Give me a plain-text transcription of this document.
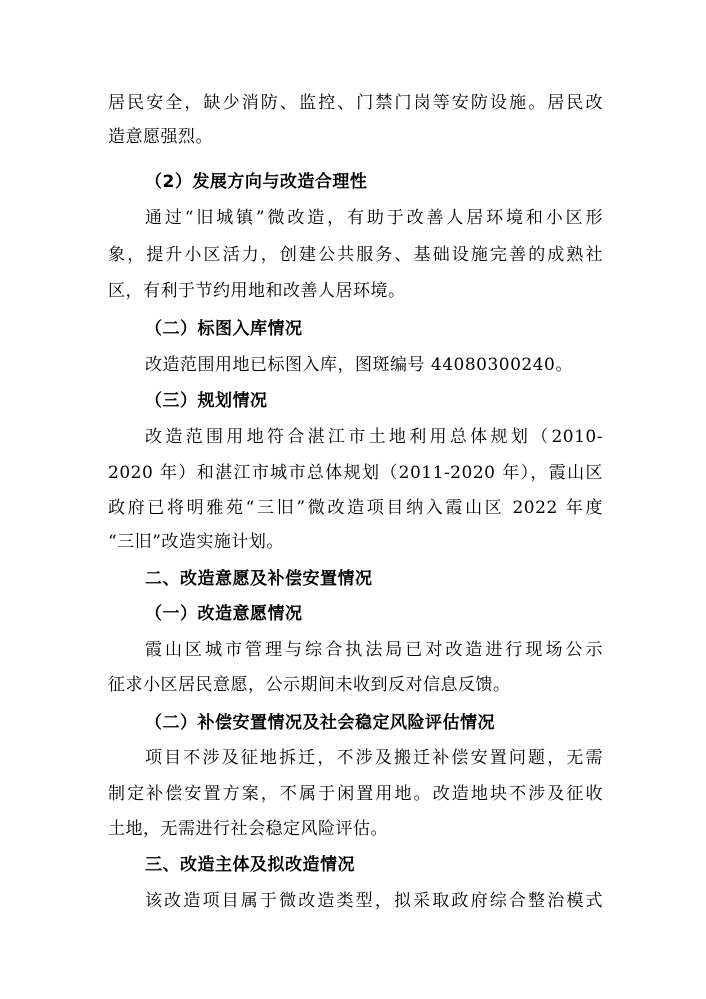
居民安全，缺少消防、监控、门禁门岗等安防设施。居民改
造意愿强烈。
（2）发展方向与改造合理性
通过“旧城镇”微改造，有助于改善人居环境和小区形
象，提升小区活力，创建公共服务、基础设施完善的成熟社
区，有利于节约用地和改善人居环境。
（二）标图入库情况
改造范围用地已标图入库，图斑编号 44080300240。
（三）规划情况
改造范围用地符合湛江市土地利用总体规划（2010-
2020 年）和湛江市城市总体规划（2011-2020 年），霞山区
政府已将明雅苑“三旧”微改造项目纳入霞山区 2022 年度
“三旧”改造实施计划。
二、改造意愿及补偿安置情况
（一）改造意愿情况
霞山区城市管理与综合执法局已对改造进行现场公示
征求小区居民意愿，公示期间未收到反对信息反馈。
（二）补偿安置情况及社会稳定风险评估情况
项目不涉及征地拆迁，不涉及搬迁补偿安置问题，无需
制定补偿安置方案，不属于闲置用地。改造地块不涉及征收
土地，无需进行社会稳定风险评估。
三、改造主体及拟改造情况
该改造项目属于微改造类型，拟采取政府综合整治模式
